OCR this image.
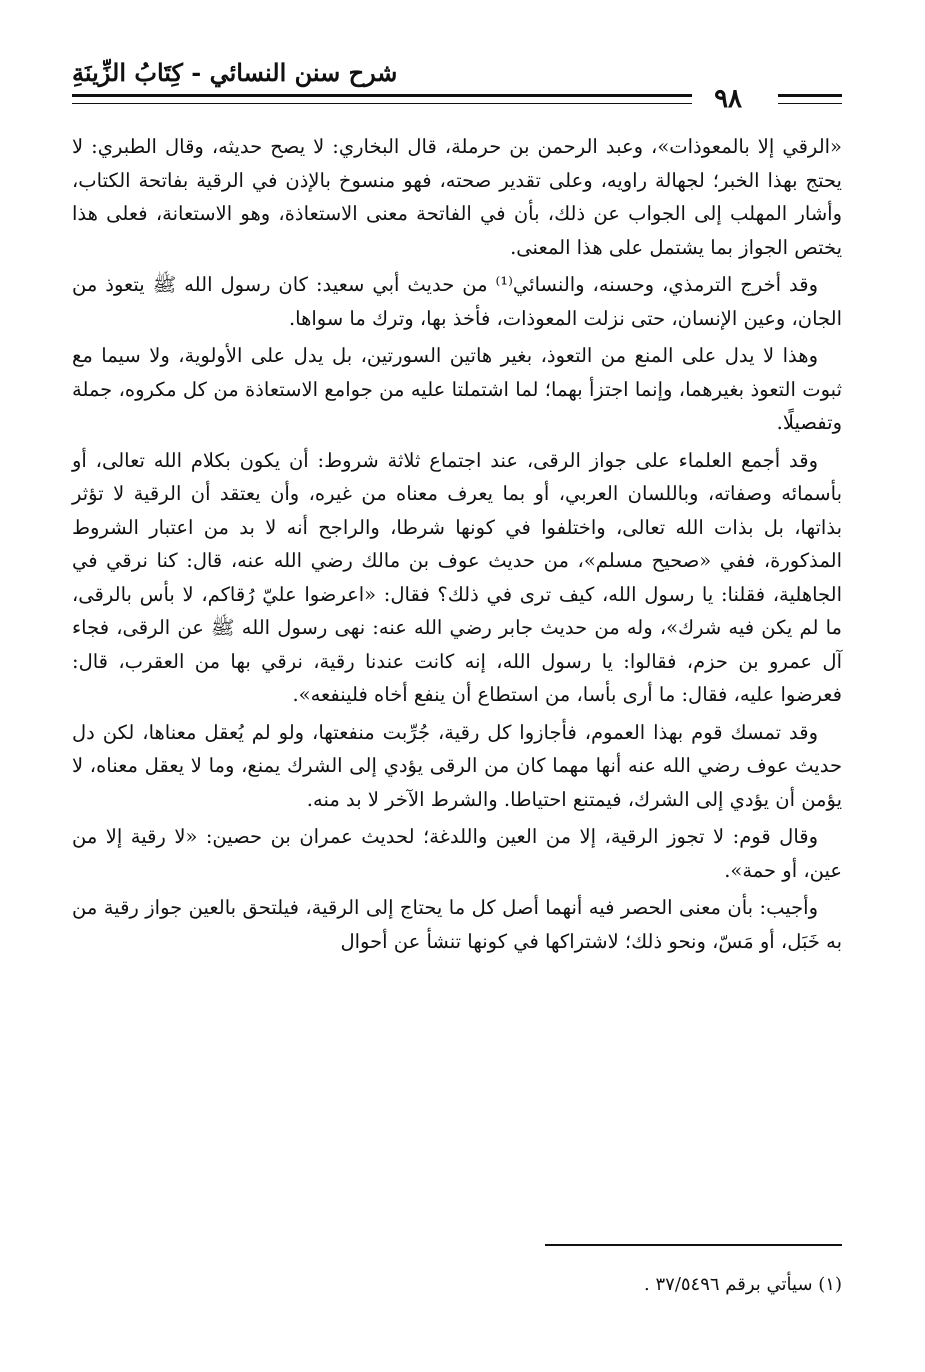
شرح سنن النسائي - كِتَابُ الزِّينَةِ
٩٨

«الرقي إلا بالمعوذات»، وعبد الرحمن بن حرملة، قال البخاري: لا يصح حديثه، وقال الطبري: لا يحتج بهذا الخبر؛ لجهالة راويه، وعلى تقدير صحته، فهو منسوخ بالإذن في الرقية بفاتحة الكتاب، وأشار المهلب إلى الجواب عن ذلك، بأن في الفاتحة معنى الاستعاذة، وهو الاستعانة، فعلى هذا يختص الجواز بما يشتمل على هذا المعنى.

وقد أخرج الترمذي، وحسنه، والنسائي⁽¹⁾ من حديث أبي سعيد: كان رسول الله ﷺ يتعوذ من الجان، وعين الإنسان، حتى نزلت المعوذات، فأخذ بها، وترك ما سواها.

وهذا لا يدل على المنع من التعوذ، بغير هاتين السورتين، بل يدل على الأولوية، ولا سيما مع ثبوت التعوذ بغيرهما، وإنما اجتزأ بهما؛ لما اشتملتا عليه من جوامع الاستعاذة من كل مكروه، جملة وتفصيلًا.

وقد أجمع العلماء على جواز الرقى، عند اجتماع ثلاثة شروط: أن يكون بكلام الله تعالى، أو بأسمائه وصفاته، وباللسان العربي، أو بما يعرف معناه من غيره، وأن يعتقد أن الرقية لا تؤثر بذاتها، بل بذات الله تعالى، واختلفوا في كونها شرطا، والراجح أنه لا بد من اعتبار الشروط المذكورة، ففي «صحيح مسلم»، من حديث عوف بن مالك رضي الله عنه، قال: كنا نرقي في الجاهلية، فقلنا: يا رسول الله، كيف ترى في ذلك؟ فقال: «اعرضوا عليّ رُقاكم، لا بأس بالرقى، ما لم يكن فيه شرك»، وله من حديث جابر رضي الله عنه: نهى رسول الله ﷺ عن الرقى، فجاء آل عمرو بن حزم، فقالوا: يا رسول الله، إنه كانت عندنا رقية، نرقي بها من العقرب، قال: فعرضوا عليه، فقال: ما أرى بأسا، من استطاع أن ينفع أخاه فلينفعه».

وقد تمسك قوم بهذا العموم، فأجازوا كل رقية، جُرِّبت منفعتها، ولو لم يُعقل معناها، لكن دل حديث عوف رضي الله عنه أنها مهما كان من الرقى يؤدي إلى الشرك يمنع، وما لا يعقل معناه، لا يؤمن أن يؤدي إلى الشرك، فيمتنع احتياطا. والشرط الآخر لا بد منه.

وقال قوم: لا تجوز الرقية، إلا من العين واللدغة؛ لحديث عمران بن حصين: «لا رقية إلا من عين، أو حمة».

وأجيب: بأن معنى الحصر فيه أنهما أصل كل ما يحتاج إلى الرقية، فيلتحق بالعين جواز رقية من به خَبَل، أو مَسّ، ونحو ذلك؛ لاشتراكها في كونها تنشأ عن أحوال

(١) سيأتي برقم ٣٧/٥٤٩٦ .
